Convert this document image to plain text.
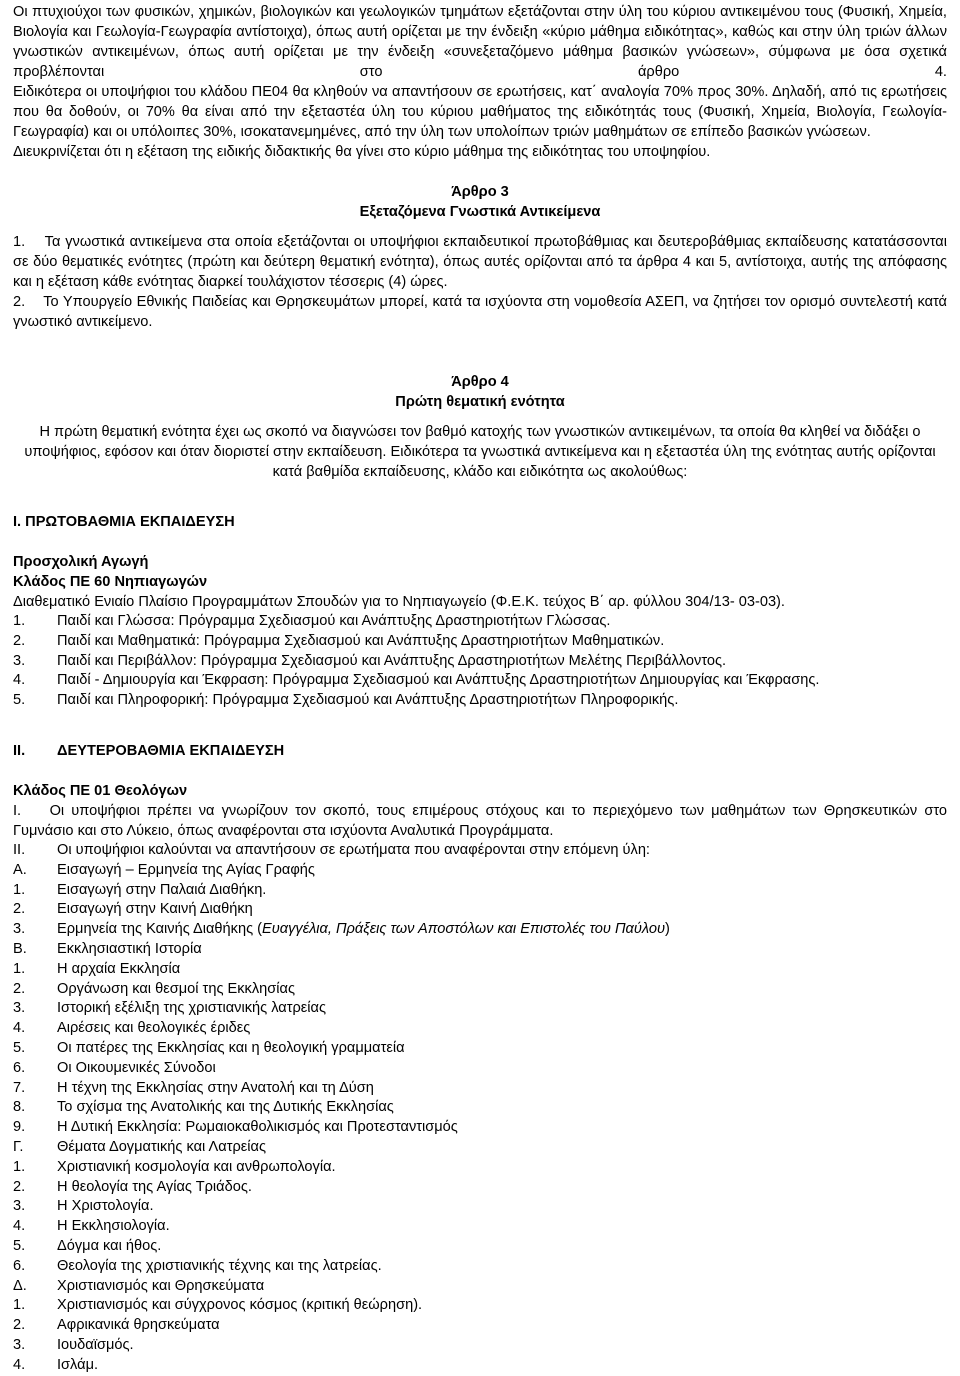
Οι πτυχιούχοι των φυσικών, χημικών, βιολογικών και γεωλογικών τμημάτων εξετάζονται στην ύλη του κύριου αντικειμένου τους (Φυσική, Χημεία, Βιολογία και Γεωλογία-Γεωγραφία αντίστοιχα), όπως αυτή ορίζεται με την ένδειξη «κύριο μάθημα ειδικότητας», καθώς και στην ύλη τριών άλλων γνωστικών αντικειμένων, όπως αυτή ορίζεται με την ένδειξη «συνεξεταζόμενο μάθημα βασικών γνώσεων», σύμφωνα με όσα σχετικά προβλέπονται στο άρθρο 4.

Ειδικότερα οι υποψήφιοι του κλάδου ΠΕ04 θα κληθούν να απαντήσουν σε ερωτήσεις, κατ΄ αναλογία 70% προς 30%. Δηλαδή, από τις ερωτήσεις που θα δοθούν, οι 70% θα είναι από την εξεταστέα ύλη του κύριου μαθήματος της ειδικότητάς τους (Φυσική, Χημεία, Βιολογία, Γεωλογία-Γεωγραφία) και οι υπόλοιπες 30%, ισοκατανεμημένες, από την ύλη των υπολοίπων τριών μαθημάτων σε επίπεδο βασικών γνώσεων.

Διευκρινίζεται ότι η εξέταση της ειδικής διδακτικής θα γίνει στο κύριο μάθημα της ειδικότητας του υποψηφίου.

Άρθρο 3
Εξεταζόμενα Γνωστικά Αντικείμενα

1. Τα γνωστικά αντικείμενα στα οποία εξετάζονται οι υποψήφιοι εκπαιδευτικοί πρωτοβάθμιας και δευτεροβάθμιας εκπαίδευσης κατατάσσονται σε δύο θεματικές ενότητες (πρώτη και δεύτερη θεματική ενότητα), όπως αυτές ορίζονται από τα άρθρα 4 και 5, αντίστοιχα, αυτής της απόφασης και η εξέταση κάθε ενότητας διαρκεί τουλάχιστον τέσσερις (4) ώρες.

2. Το Υπουργείο Εθνικής Παιδείας και Θρησκευμάτων μπορεί, κατά τα ισχύοντα στη νομοθεσία ΑΣΕΠ, να ζητήσει τον ορισμό συντελεστή κατά γνωστικό αντικείμενο.

Άρθρο 4
Πρώτη θεματική ενότητα

Η πρώτη θεματική ενότητα έχει ως σκοπό να διαγνώσει τον βαθμό κατοχής των γνωστικών αντικειμένων, τα οποία θα κληθεί να διδάξει ο υποψήφιος, εφόσον και όταν διοριστεί στην εκπαίδευση. Ειδικότερα τα γνωστικά αντικείμενα και η εξεταστέα ύλη της ενότητας αυτής ορίζονται κατά βαθμίδα εκπαίδευσης, κλάδο και ειδικότητα ως ακολούθως:

Ι. ΠΡΩΤΟΒΑΘΜΙΑ ΕΚΠΑΙΔΕΥΣΗ
Προσχολική Αγωγή
Κλάδος ΠΕ 60 Νηπιαγωγών

Διαθεματικό Ενιαίο Πλαίσιο Προγραμμάτων Σπουδών για το Νηπιαγωγείο (Φ.Ε.Κ. τεύχος Β΄ αρ. φύλλου 304/13- 03-03).

1.	Παιδί και Γλώσσα: Πρόγραμμα Σχεδιασμού και Ανάπτυξης Δραστηριοτήτων Γλώσσας.
2.	Παιδί και Μαθηματικά: Πρόγραμμα Σχεδιασμού και Ανάπτυξης Δραστηριοτήτων Μαθηματικών.
3.	Παιδί και Περιβάλλον: Πρόγραμμα Σχεδιασμού και Ανάπτυξης Δραστηριοτήτων Μελέτης Περιβάλλοντος.
4.	Παιδί - Δημιουργία και Έκφραση: Πρόγραμμα Σχεδιασμού και Ανάπτυξης Δραστηριοτήτων Δημιουργίας και Έκφρασης.
5.	Παιδί και Πληροφορική: Πρόγραμμα Σχεδιασμού και Ανάπτυξης Δραστηριοτήτων Πληροφορικής.
ΙΙ.	ΔΕΥΤΕΡΟΒΑΘΜΙΑ ΕΚΠΑΙΔΕΥΣΗ
Κλάδος ΠΕ 01 Θεολόγων

Ι. Οι υποψήφιοι πρέπει να γνωρίζουν τον σκοπό, τους επιμέρους στόχους και το περιεχόμενο των μαθημάτων των Θρησκευτικών στο Γυμνάσιο και στο Λύκειο, όπως αναφέρονται στα ισχύοντα Αναλυτικά Προγράμματα.

ΙΙ.	Οι υποψήφιοι καλούνται να απαντήσουν σε ερωτήματα που αναφέρονται στην επόμενη ύλη:
Α.	Εισαγωγή – Ερμηνεία της Αγίας Γραφής
1.	Εισαγωγή στην Παλαιά Διαθήκη.
2.	Εισαγωγή στην Καινή Διαθήκη
3.	Ερμηνεία της Καινής Διαθήκης (Ευαγγέλια, Πράξεις των Αποστόλων και Επιστολές του Παύλου)
Β.	Εκκλησιαστική Ιστορία
1.	Η αρχαία Εκκλησία
2.	Οργάνωση και θεσμοί της Εκκλησίας
3.	Ιστορική εξέλιξη της χριστιανικής λατρείας
4.	Αιρέσεις και θεολογικές έριδες
5.	Οι πατέρες της Εκκλησίας και η θεολογική γραμματεία
6.	Οι Οικουμενικές Σύνοδοι
7.	Η τέχνη της Εκκλησίας στην Ανατολή και τη Δύση
8.	Το σχίσμα της Ανατολικής και της Δυτικής Εκκλησίας
9.	Η Δυτική Εκκλησία: Ρωμαιοκαθολικισμός και Προτεσταντισμός
Γ.	Θέματα Δογματικής και Λατρείας
1.	Χριστιανική κοσμολογία και ανθρωπολογία.
2.	Η θεολογία της Αγίας Τριάδος.
3.	Η Χριστολογία.
4.	Η Εκκλησιολογία.
5.	Δόγμα και ήθος.
6.	Θεολογία της χριστιανικής τέχνης και της λατρείας.
Δ.	Χριστιανισμός και Θρησκεύματα
1.	Χριστιανισμός και σύγχρονος κόσμος (κριτική θεώρηση).
2.	Αφρικανικά θρησκεύματα
3.	Ιουδαϊσμός.
4.	Ισλάμ.
